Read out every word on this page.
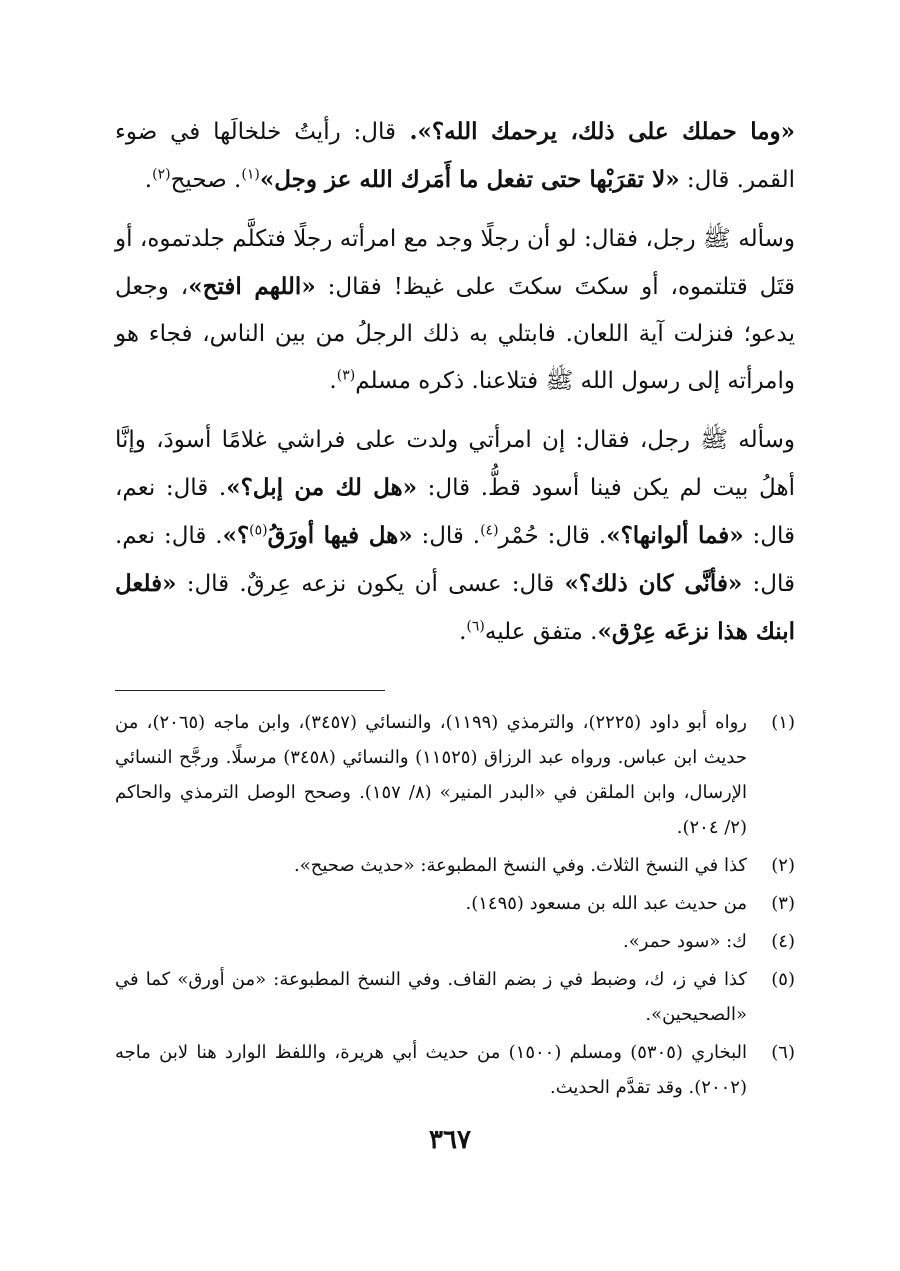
«وما حملك على ذلك، يرحمك الله؟». قال: رأيتُ خلخالَها في ضوء القمر. قال: «لا تقرَبْها حتى تفعل ما أَمَرك الله عز وجل»$^{(١)}$. صحيح$^{(٢)}$.

وسأله ﷺ رجل، فقال: لو أن رجلًا وجد مع امرأته رجلًا فتكلَّم جلدتموه، أو قتَل قتلتموه، أو سكتَ سكتَ على غيظ! فقال: «اللهم افتح»، وجعل يدعو؛ فنزلت آية اللعان. فابتلي به ذلك الرجلُ من بين الناس، فجاء هو وامرأته إلى رسول الله ﷺ فتلاعنا. ذكره مسلم$^{(٣)}$.

وسأله ﷺ رجل، فقال: إن امرأتي ولدت على فراشي غلامًا أسودَ، وإنَّا أهلُ بيت لم يكن فينا أسود قطُّ. قال: «هل لك من إبل؟». قال: نعم، قال: «فما ألوانها؟». قال: حُمْر$^{(٤)}$. قال: «هل فيها أورَقُ$^{(٥)}$؟». قال: نعم. قال: «فأنَّى كان ذلك؟» قال: عسى أن يكون نزعه عِرقٌ. قال: «فلعل ابنك هذا نزعَه عِرْق». متفق عليه$^{(٦)}$.

(١)
رواه أبو داود (٢٢٢٥)، والترمذي (١١٩٩)، والنسائي (٣٤٥٧)، وابن ماجه (٢٠٦٥)، من حديث ابن عباس. ورواه عبد الرزاق (١١٥٢٥) والنسائي (٣٤٥٨) مرسلًا. ورجَّح النسائي الإرسال، وابن الملقن في «البدر المنير» (٨/ ١٥٧). وصحح الوصل الترمذي والحاكم (٢/ ٢٠٤).
(٢)
كذا في النسخ الثلاث. وفي النسخ المطبوعة: «حديث صحيح».
(٣)
من حديث عبد الله بن مسعود (١٤٩٥).
(٤)
ك: «سود حمر».
(٥)
كذا في ز، ك، وضبط في ز بضم القاف. وفي النسخ المطبوعة: «من أورق» كما في «الصحيحين».
(٦)
البخاري (٥٣٠٥) ومسلم (١٥٠٠) من حديث أبي هريرة، واللفظ الوارد هنا لابن ماجه (٢٠٠٢). وقد تقدَّم الحديث.
٣٦٧
